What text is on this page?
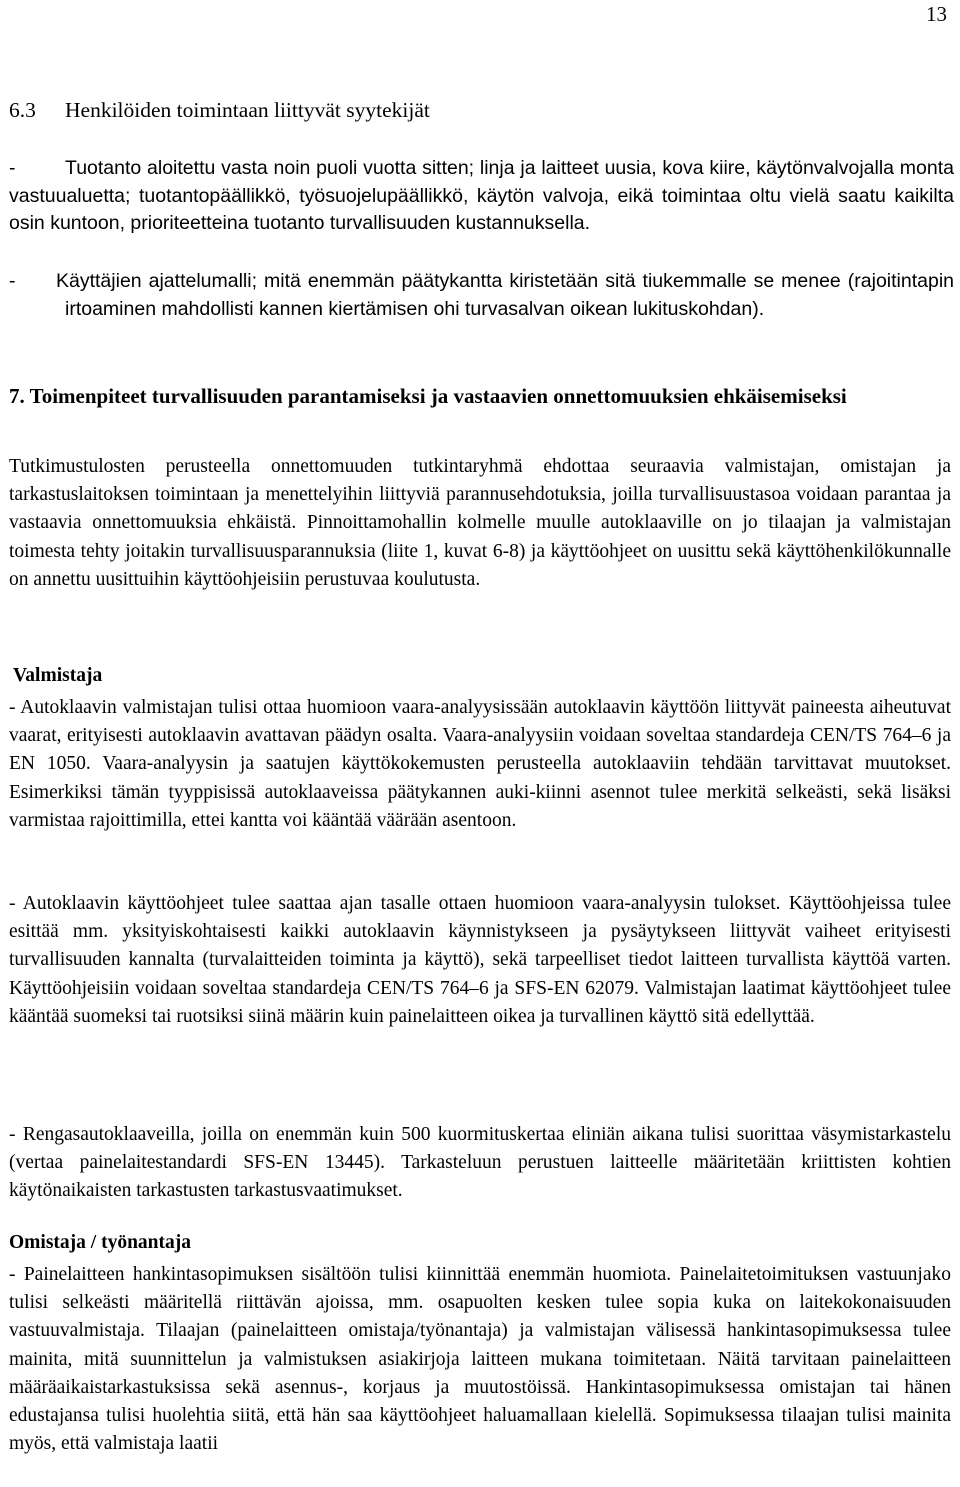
13
6.3 Henkilöiden toimintaan liittyvät syytekijät
-	Tuotanto aloitettu vasta noin puoli vuotta sitten; linja ja laitteet uusia, kova kiire, käytönvalvojalla monta vastuualuetta; tuotantopäällikkö, työsuojelupäällikkö, käytön valvoja, eikä toimintaa oltu vielä saatu kaikilta osin kuntoon, prioriteetteina tuotanto turvallisuuden kustannuksella.
-	Käyttäjien ajattelumalli; mitä enemmän päätykantta kiristetään sitä tiukemmalle se menee (rajoitintapin irtoaminen mahdollisti kannen kiertämisen ohi turvasalvan oikean lukituskohdan).
7. Toimenpiteet turvallisuuden parantamiseksi ja vastaavien onnettomuuksien ehkäisemiseksi

Tutkimustulosten perusteella onnettomuuden tutkintaryhmä ehdottaa seuraavia valmistajan, omistajan ja tarkastuslaitoksen toimintaan ja menettelyihin liittyviä parannusehdotuksia, joilla turvallisuustasoa voidaan parantaa ja vastaavia onnettomuuksia ehkäistä. Pinnoittamohallin kolmelle muulle autoklaaville on jo tilaajan ja valmistajan toimesta tehty joitakin turvallisuusparannuksia (liite 1, kuvat 6-8) ja käyttöohjeet on uusittu sekä käyttöhenkilökunnalle on annettu uusittuihin käyttöohjeisiin perustuvaa koulutusta.

Valmistaja

- Autoklaavin valmistajan tulisi ottaa huomioon vaara-analyysissään autoklaavin käyttöön liittyvät paineesta aiheutuvat vaarat, erityisesti autoklaavin avattavan päädyn osalta. Vaara-analyysiin voidaan soveltaa standardeja CEN/TS 764–6 ja EN 1050. Vaara-analyysin ja saatujen käyttökokemusten perusteella autoklaaviin tehdään tarvittavat muutokset. Esimerkiksi tämän tyyppisissä autoklaaveissa päätykannen auki-kiinni asennot tulee merkitä selkeästi, sekä lisäksi varmistaa rajoittimilla, ettei kantta voi kääntää väärään asentoon.

- Autoklaavin käyttöohjeet tulee saattaa ajan tasalle ottaen huomioon vaara-analyysin tulokset. Käyttöohjeissa tulee esittää mm. yksityiskohtaisesti kaikki autoklaavin käynnistykseen ja pysäytykseen liittyvät vaiheet erityisesti turvallisuuden kannalta (turvalaitteiden toiminta ja käyttö), sekä tarpeelliset tiedot laitteen turvallista käyttöä varten. Käyttöohjeisiin voidaan soveltaa standardeja CEN/TS 764–6 ja SFS-EN 62079. Valmistajan laatimat käyttöohjeet tulee kääntää suomeksi tai ruotsiksi siinä määrin kuin painelaitteen oikea ja turvallinen käyttö sitä edellyttää.

- Rengasautoklaaveilla, joilla on enemmän kuin 500 kuormituskertaa eliniän aikana tulisi suorittaa väsymistarkastelu (vertaa painelaitestandardi SFS-EN 13445). Tarkasteluun perustuen laitteelle määritetään kriittisten kohtien käytönaikaisten tarkastusten tarkastusvaatimukset.

Omistaja / työnantaja

- Painelaitteen hankintasopimuksen sisältöön tulisi kiinnittää enemmän huomiota. Painelaitetoimituksen vastuunjako tulisi selkeästi määritellä riittävän ajoissa, mm. osapuolten kesken tulee sopia kuka on laitekokonaisuuden vastuuvalmistaja. Tilaajan (painelaitteen omistaja/työnantaja) ja valmistajan välisessä hankintasopimuksessa tulee mainita, mitä suunnittelun ja valmistuksen asiakirjoja laitteen mukana toimitetaan. Näitä tarvitaan painelaitteen määräaikaistarkastuksissa sekä asennus-, korjaus ja muutostöissä. Hankintasopimuksessa omistajan tai hänen edustajansa tulisi huolehtia siitä, että hän saa käyttöohjeet haluamallaan kielellä. Sopimuksessa tilaajan tulisi mainita myös, että valmistaja laatii
